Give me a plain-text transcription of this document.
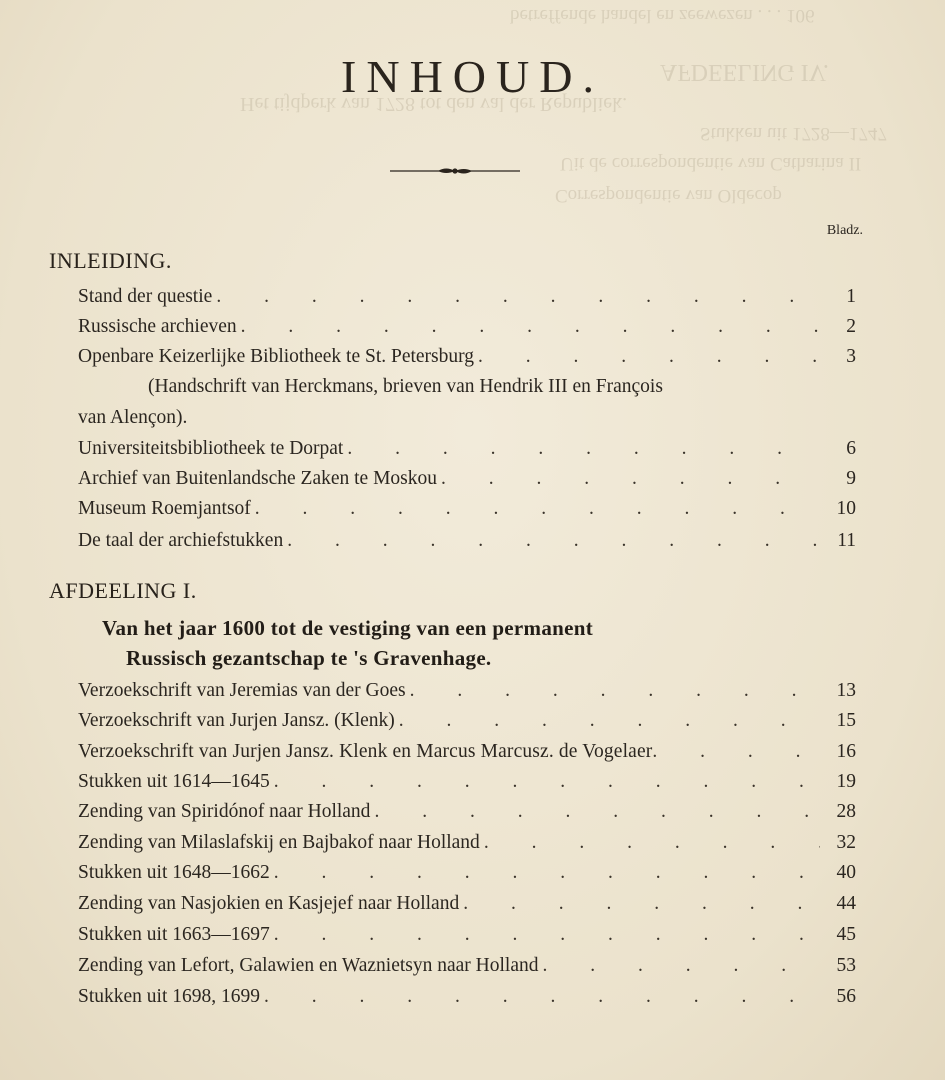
betreffende handel en zeewezen . . . 106
AFDEELING IV.
Het tijdperk van 1728 tot den val der Republiek.
Stukken uit 1728—1747
Uit de correspondentie van Catharina II
Correspondentie van Oldecop
INHOUD.
Bladz.
INLEIDING.
Stand der questie . . .	1
Russische archieven . . .	2
Openbare Keizerlijke Bibliotheek te St. Petersburg . . .	3
(Handschrift van Herckmans, brieven van Hendrik III en François
van Alençon).
Universiteitsbibliotheek te Dorpat . . .	6
Archief van Buitenlandsche Zaken te Moskou . . .	9
Museum Roemjantsof . . .	10
De taal der archiefstukken . . .	11
AFDEELING I.
Van het jaar 1600 tot de vestiging van een permanent
Russisch gezantschap te 's Gravenhage.
Verzoekschrift van Jeremias van der Goes . . .	13
Verzoekschrift van Jurjen Jansz. (Klenk) . . .	15
Verzoekschrift van Jurjen Jansz. Klenk en Marcus Marcusz. de Vogelaer . . .	16
Stukken uit 1614—1645 . . .	19
Zending van Spiridónof naar Holland . . .	28
Zending van Milaslafskij en Bajbakof naar Holland . . .	32
Stukken uit 1648—1662 . . .	40
Zending van Nasjokien en Kasjejef naar Holland . . .	44
Stukken uit 1663—1697 . . .	45
Zending van Lefort, Galawien en Waznietsyn naar Holland . . .	53
Stukken uit 1698, 1699 . . .	56
